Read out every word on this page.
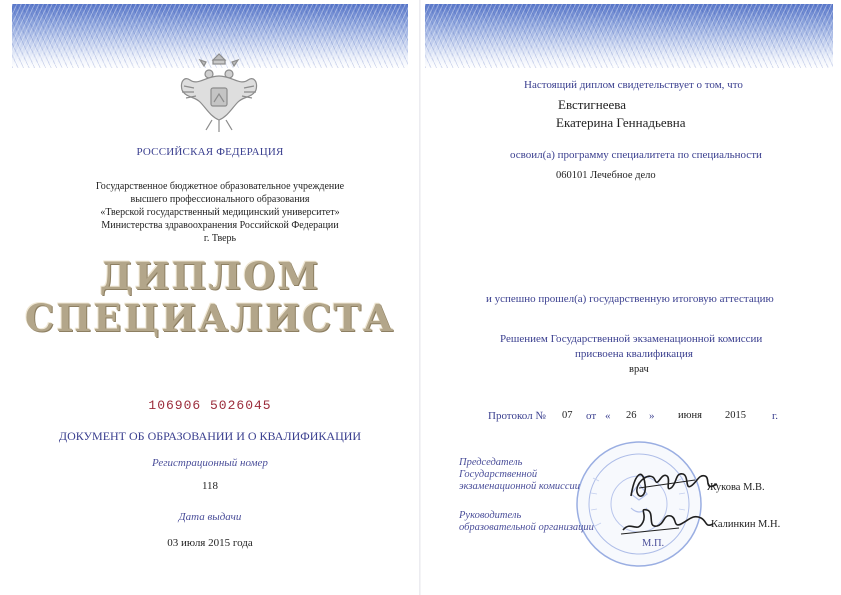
РОССИЙСКАЯ ФЕДЕРАЦИЯ
Государственное бюджетное образовательное учреждение
высшего профессионального образования
«Тверской государственный медицинский университет»
Министерства здравоохранения Российской Федерации
г. Тверь
ДИПЛОМ
СПЕЦИАЛИСТА
106906 5026045
ДОКУМЕНТ ОБ ОБРАЗОВАНИИ И О КВАЛИФИКАЦИИ
Регистрационный номер
118
Дата выдачи
03 июля 2015 года
Настоящий диплом свидетельствует о том, что
Евстигнеева
Екатерина Геннадьевна
освоил(а) программу специалитета по специальности
060101 Лечебное дело
и успешно прошел(а) государственную итоговую аттестацию
Решением Государственной экзаменационной комиссии
присвоена квалификация
врач
Протокол № 07 от « 26 » июня 2015 г.
Председатель
Государственной
экзаменационной комиссии	Жукова М.В.
Руководитель
образовательной организации	Калинкин М.Н.
М.П.
